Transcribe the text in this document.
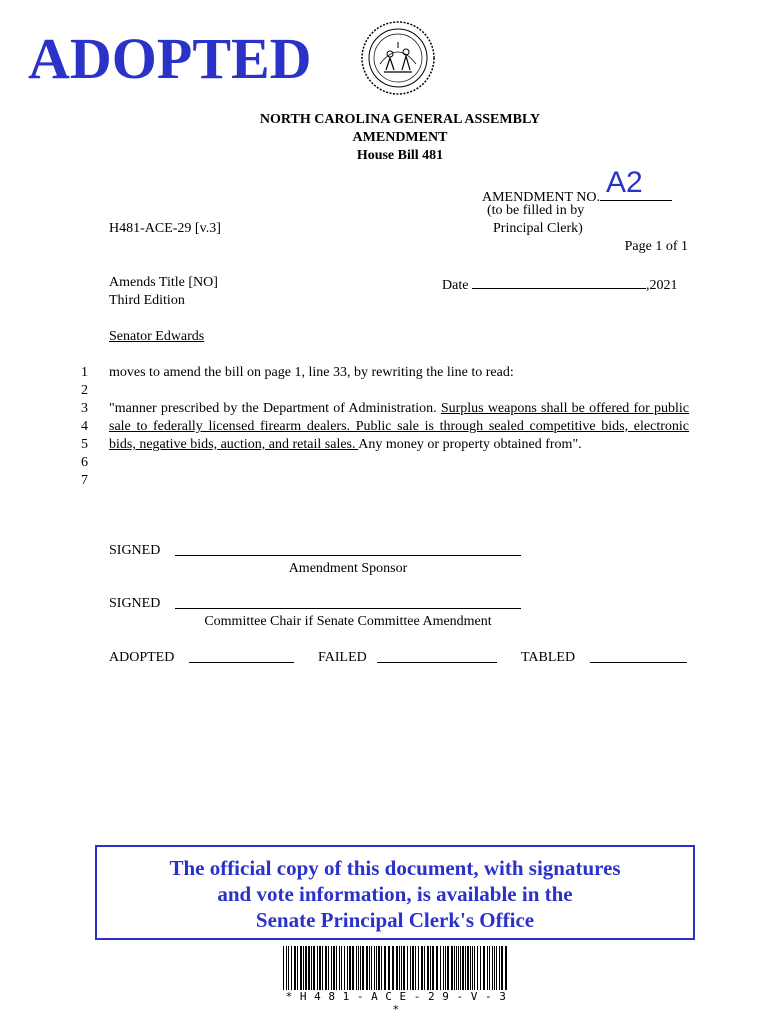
ADOPTED
NORTH CAROLINA GENERAL ASSEMBLY
AMENDMENT
House Bill 481
AMENDMENT NO. A2
(to be filled in by
Principal Clerk)
Page 1 of 1
H481-ACE-29 [v.3]
Amends Title [NO]
Third Edition
Date	,2021
Senator Edwards
1
2
3
4
5
6
7
moves to amend the bill on page 1, line 33, by rewriting the line to read:
"manner prescribed by the Department of Administration. Surplus weapons shall be offered for public sale to federally licensed firearm dealers. Public sale is through sealed competitive bids, electronic bids, negative bids, auction, and retail sales. Any money or property obtained from".
SIGNED
Amendment Sponsor
SIGNED
Committee Chair if Senate Committee Amendment
ADOPTED	FAILED	TABLED
The official copy of this document, with signatures
and vote information, is available in the
Senate Principal Clerk's Office
* H 4 8 1 - A C E - 2 9 - V - 3 *
